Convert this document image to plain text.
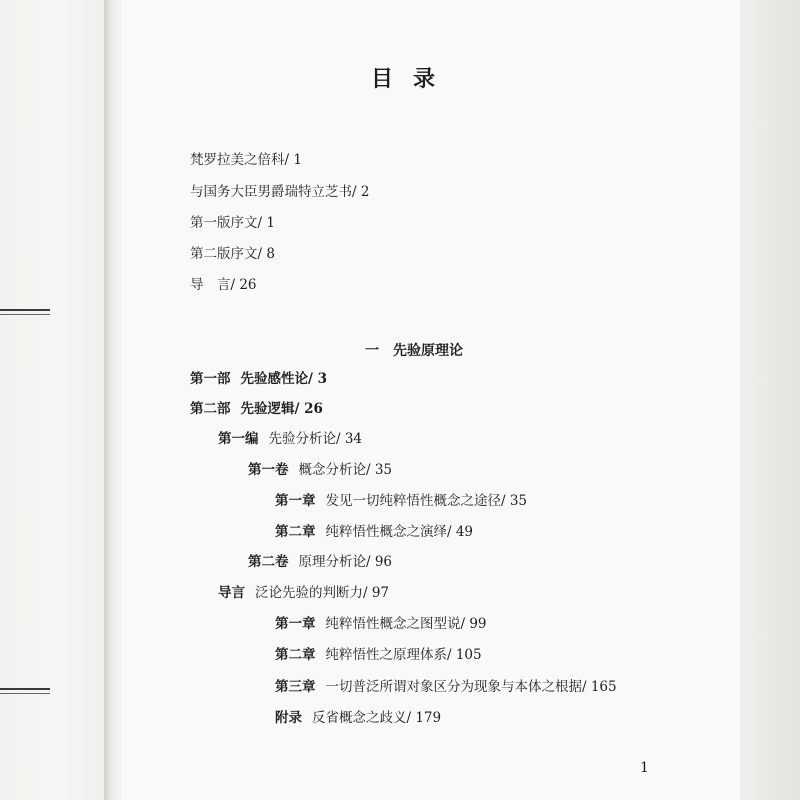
目录
梵罗拉美之倍科/ 1
与国务大臣男爵瑞特立芝书/ 2
第一版序文/ 1
第二版序文/ 8
导　言/ 26
一　先验原理论
第一部 先验感性论/ 3
第二部 先验逻辑/ 26
第一编 先验分析论/ 34
第一卷 概念分析论/ 35
第一章 发见一切纯粹悟性概念之途径/ 35
第二章 纯粹悟性概念之演绎/ 49
第二卷 原理分析论/ 96
导言 泛论先验的判断力/ 97
第一章 纯粹悟性概念之图型说/ 99
第二章 纯粹悟性之原理体系/ 105
第三章 一切普泛所谓对象区分为现象与本体之根据/ 165
附录 反省概念之歧义/ 179
1
